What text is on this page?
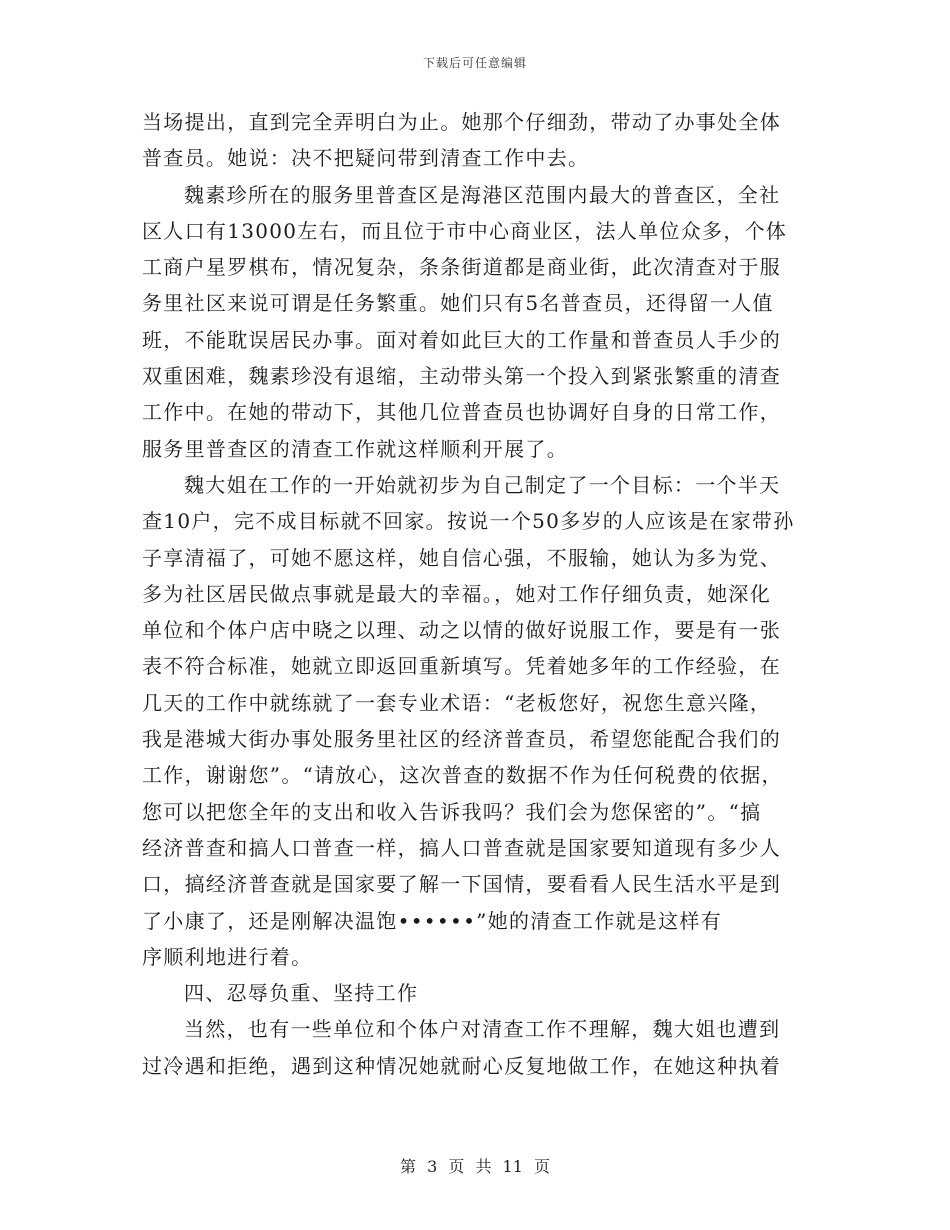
下载后可任意编辑
当场提出，直到完全弄明白为止。她那个仔细劲，带动了办事处全体
普查员。她说：决不把疑问带到清查工作中去。
魏素珍所在的服务里普查区是海港区范围内最大的普查区，全社
区人口有13000左右，而且位于市中心商业区，法人单位众多，个体
工商户星罗棋布，情况复杂，条条街道都是商业街，此次清查对于服
务里社区来说可谓是任务繁重。她们只有5名普查员，还得留一人值
班，不能耽误居民办事。面对着如此巨大的工作量和普查员人手少的
双重困难，魏素珍没有退缩，主动带头第一个投入到紧张繁重的清查
工作中。在她的带动下，其他几位普查员也协调好自身的日常工作，
服务里普查区的清查工作就这样顺利开展了。
魏大姐在工作的一开始就初步为自己制定了一个目标：一个半天
查10户，完不成目标就不回家。按说一个50多岁的人应该是在家带孙
子享清福了，可她不愿这样，她自信心强，不服输，她认为多为党、
多为社区居民做点事就是最大的幸福。，她对工作仔细负责，她深化
单位和个体户店中晓之以理、动之以情的做好说服工作，要是有一张
表不符合标准，她就立即返回重新填写。凭着她多年的工作经验，在
几天的工作中就练就了一套专业术语：“老板您好，祝您生意兴隆，
我是港城大街办事处服务里社区的经济普查员，希望您能配合我们的
工作，谢谢您”。“请放心，这次普查的数据不作为任何税费的依据，
您可以把您全年的支出和收入告诉我吗？我们会为您保密的”。“搞
经济普查和搞人口普查一样，搞人口普查就是国家要知道现有多少人
口，搞经济普查就是国家要了解一下国情，要看看人民生活水平是到
了小康了，还是刚解决温饱••••••”她的清查工作就是这样有
序顺利地进行着。
四、忍辱负重、坚持工作
当然，也有一些单位和个体户对清查工作不理解，魏大姐也遭到
过冷遇和拒绝，遇到这种情况她就耐心反复地做工作，在她这种执着
第 3 页 共 11 页
